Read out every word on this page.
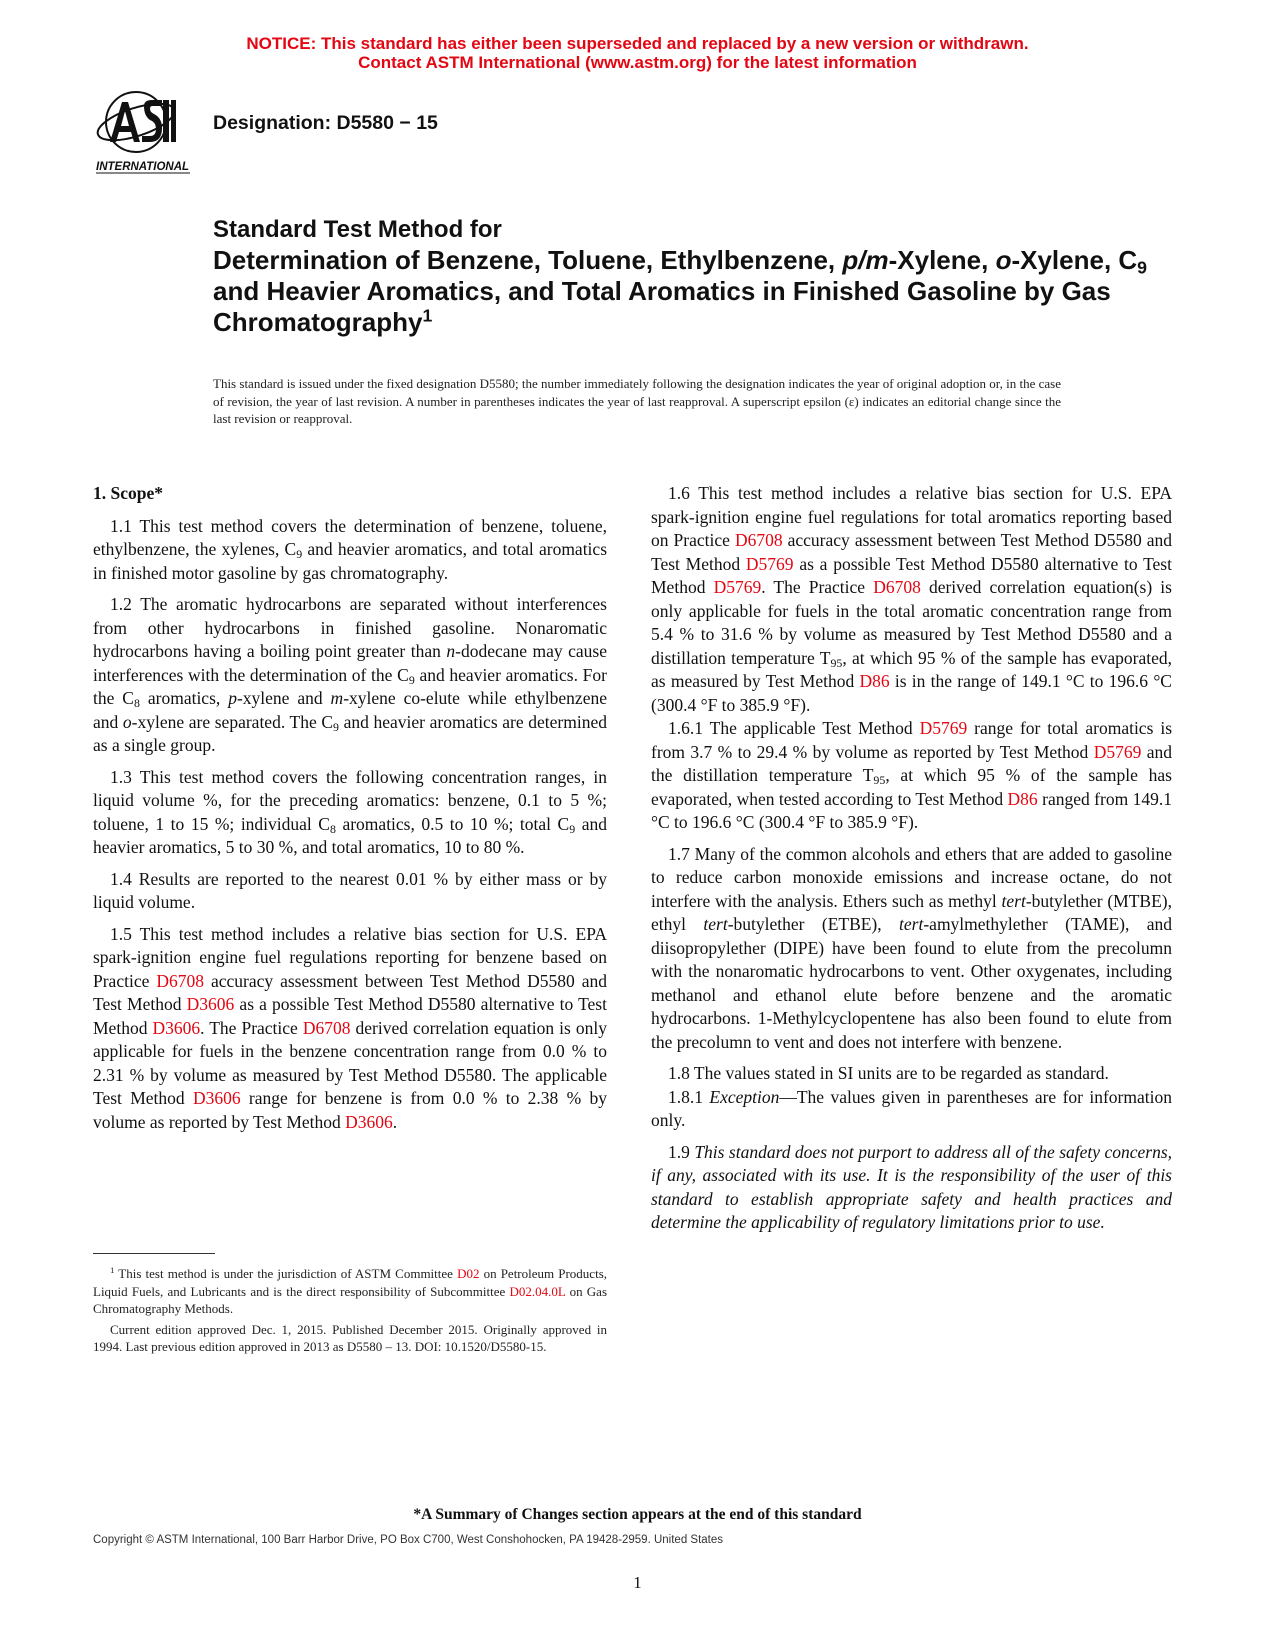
NOTICE: This standard has either been superseded and replaced by a new version or withdrawn.
Contact ASTM International (www.astm.org) for the latest information
INTERNATIONAL
Designation: D5580 − 15
Standard Test Method for
Determination of Benzene, Toluene, Ethylbenzene, p/m-Xylene, o-Xylene, $C_9$ and Heavier Aromatics, and Total Aromatics in Finished Gasoline by Gas Chromatography$^1$
This standard is issued under the fixed designation D5580; the number immediately following the designation indicates the year of original adoption or, in the case of revision, the year of last revision. A number in parentheses indicates the year of last reapproval. A superscript epsilon (ε) indicates an editorial change since the last revision or reapproval.

1. Scope*

1.1 This test method covers the determination of benzene, toluene, ethylbenzene, the xylenes, $C_9$ and heavier aromatics, and total aromatics in finished motor gasoline by gas chromatography.

1.2 The aromatic hydrocarbons are separated without interferences from other hydrocarbons in finished gasoline. Nonaromatic hydrocarbons having a boiling point greater than n-dodecane may cause interferences with the determination of the $C_9$ and heavier aromatics. For the $C_8$ aromatics, p-xylene and m-xylene co-elute while ethylbenzene and o-xylene are separated. The $C_9$ and heavier aromatics are determined as a single group.

1.3 This test method covers the following concentration ranges, in liquid volume %, for the preceding aromatics: benzene, 0.1 to 5 %; toluene, 1 to 15 %; individual $C_8$ aromatics, 0.5 to 10 %; total $C_9$ and heavier aromatics, 5 to 30 %, and total aromatics, 10 to 80 %.

1.4 Results are reported to the nearest 0.01 % by either mass or by liquid volume.

1.5 This test method includes a relative bias section for U.S. EPA spark-ignition engine fuel regulations reporting for benzene based on Practice D6708 accuracy assessment between Test Method D5580 and Test Method D3606 as a possible Test Method D5580 alternative to Test Method D3606. The Practice D6708 derived correlation equation is only applicable for fuels in the benzene concentration range from 0.0 % to 2.31 % by volume as measured by Test Method D5580. The applicable Test Method D3606 range for benzene is from 0.0 % to 2.38 % by volume as reported by Test Method D3606.

$^1$ This test method is under the jurisdiction of ASTM Committee D02 on Petroleum Products, Liquid Fuels, and Lubricants and is the direct responsibility of Subcommittee D02.04.0L on Gas Chromatography Methods.

Current edition approved Dec. 1, 2015. Published December 2015. Originally approved in 1994. Last previous edition approved in 2013 as D5580 – 13. DOI: 10.1520/D5580-15.

1.6 This test method includes a relative bias section for U.S. EPA spark-ignition engine fuel regulations for total aromatics reporting based on Practice D6708 accuracy assessment between Test Method D5580 and Test Method D5769 as a possible Test Method D5580 alternative to Test Method D5769. The Practice D6708 derived correlation equation(s) is only applicable for fuels in the total aromatic concentration range from 5.4 % to 31.6 % by volume as measured by Test Method D5580 and a distillation temperature $T_{95}$, at which 95 % of the sample has evaporated, as measured by Test Method D86 is in the range of 149.1 °C to 196.6 °C (300.4 °F to 385.9 °F).

1.6.1 The applicable Test Method D5769 range for total aromatics is from 3.7 % to 29.4 % by volume as reported by Test Method D5769 and the distillation temperature $T_{95}$, at which 95 % of the sample has evaporated, when tested according to Test Method D86 ranged from 149.1 °C to 196.6 °C (300.4 °F to 385.9 °F).

1.7 Many of the common alcohols and ethers that are added to gasoline to reduce carbon monoxide emissions and increase octane, do not interfere with the analysis. Ethers such as methyl tert-butylether (MTBE), ethyl tert-butylether (ETBE), tert-amylmethylether (TAME), and diisopropylether (DIPE) have been found to elute from the precolumn with the nonaromatic hydrocarbons to vent. Other oxygenates, including methanol and ethanol elute before benzene and the aromatic hydrocarbons. 1-Methylcyclopentene has also been found to elute from the precolumn to vent and does not interfere with benzene.

1.8 The values stated in SI units are to be regarded as standard.

1.8.1 Exception—The values given in parentheses are for information only.

1.9 This standard does not purport to address all of the safety concerns, if any, associated with its use. It is the responsibility of the user of this standard to establish appropriate safety and health practices and determine the applicability of regulatory limitations prior to use.

*A Summary of Changes section appears at the end of this standard
Copyright © ASTM International, 100 Barr Harbor Drive, PO Box C700, West Conshohocken, PA 19428-2959. United States
1
